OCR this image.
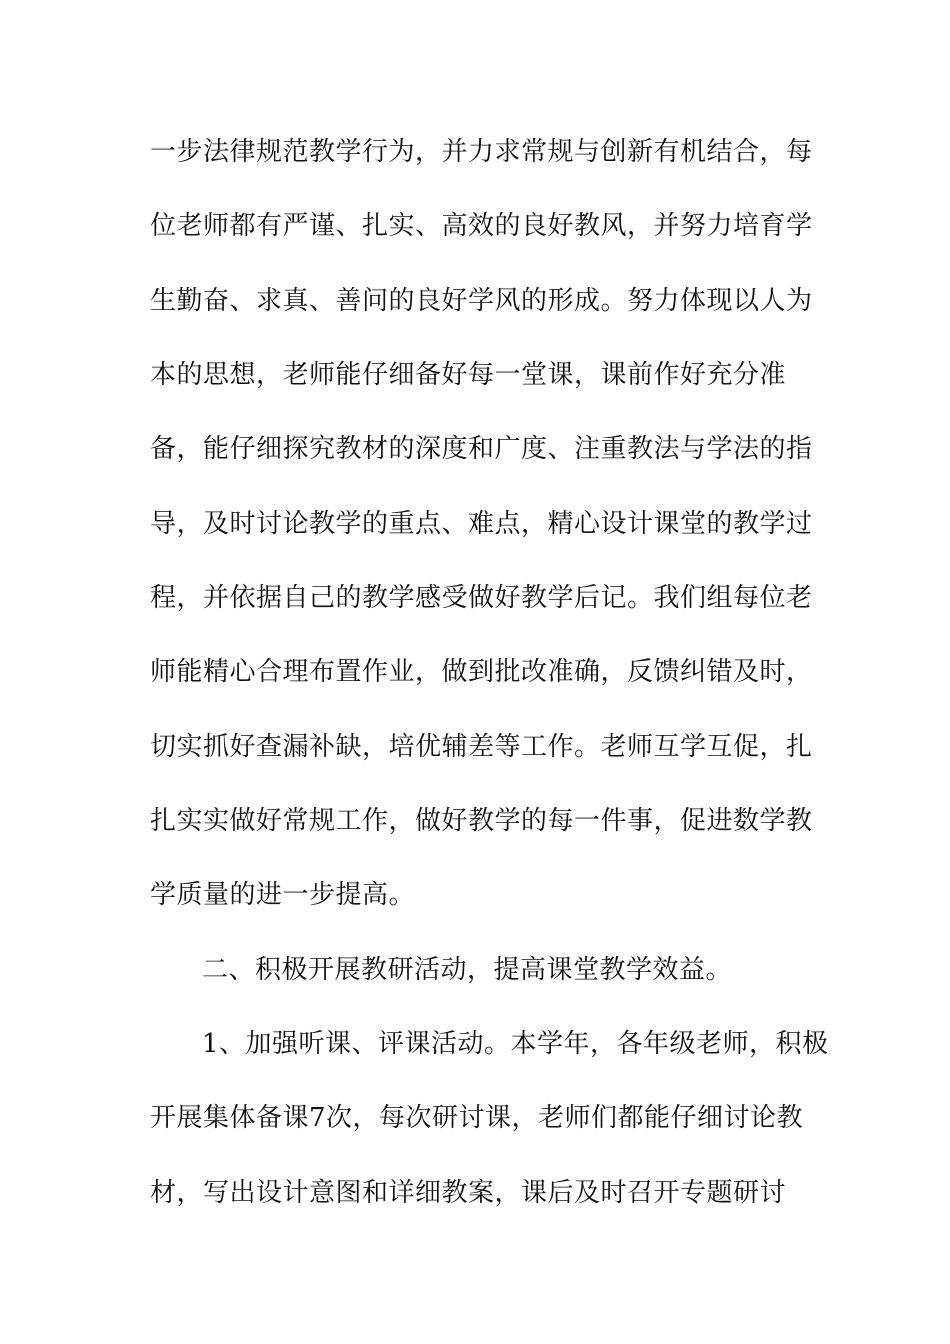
一步法律规范教学行为，并力求常规与创新有机结合，每
位老师都有严谨、扎实、高效的良好教风，并努力培育学
生勤奋、求真、善问的良好学风的形成。努力体现以人为
本的思想，老师能仔细备好每一堂课，课前作好充分准
备，能仔细探究教材的深度和广度、注重教法与学法的指
导，及时讨论教学的重点、难点，精心设计课堂的教学过
程，并依据自己的教学感受做好教学后记。我们组每位老
师能精心合理布置作业，做到批改准确，反馈纠错及时，
切实抓好查漏补缺，培优辅差等工作。老师互学互促，扎
扎实实做好常规工作，做好教学的每一件事，促进数学教
学质量的进一步提高。
二、积极开展教研活动，提高课堂教学效益。
1、加强听课、评课活动。本学年，各年级老师，积极
开展集体备课7次，每次研讨课，老师们都能仔细讨论教
材，写出设计意图和详细教案，课后及时召开专题研讨
